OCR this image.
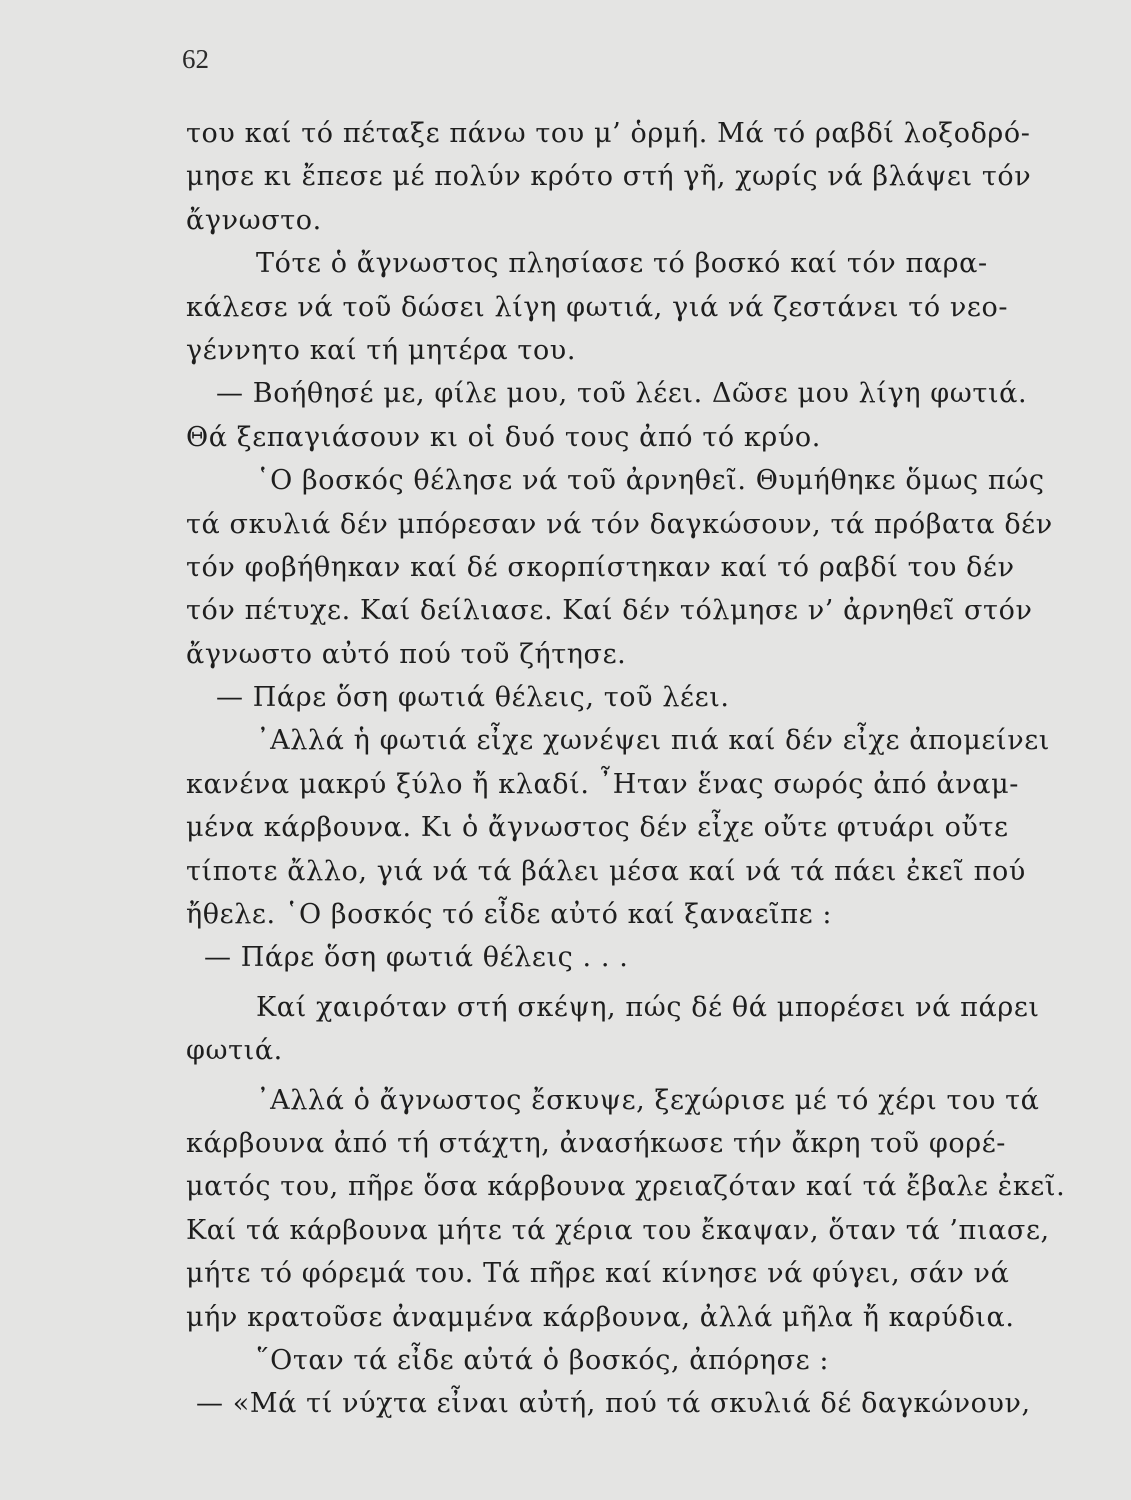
62
του καί τό πέταξε πάνω του μ’ ὁρμή. Μά τό ραβδί λοξοδρό-
μησε κι ἔπεσε μέ πολύν κρότο στή γῆ, χωρίς νά βλάψει τόν
ἄγνωστο.
Τότε ὁ ἄγνωστος πλησίασε τό βοσκό καί τόν παρα-
κάλεσε νά τοῦ δώσει λίγη φωτιά, γιά νά ζεστάνει τό νεο-
γέννητο καί τή μητέρα του.
— Βοήθησέ με, φίλε μου, τοῦ λέει. Δῶσε μου λίγη φωτιά.
Θά ξεπαγιάσουν κι οἱ δυό τους ἀπό τό κρύο.
῾Ο βοσκός θέλησε νά τοῦ ἀρνηθεῖ. Θυμήθηκε ὅμως πώς
τά σκυλιά δέν μπόρεσαν νά τόν δαγκώσουν, τά πρόβατα δέν
τόν φοβήθηκαν καί δέ σκορπίστηκαν καί τό ραβδί του δέν
τόν πέτυχε. Καί δείλιασε. Καί δέν τόλμησε ν’ ἀρνηθεῖ στόν
ἄγνωστο αὐτό πού τοῦ ζήτησε.
— Πάρε ὅση φωτιά θέλεις, τοῦ λέει.
᾿Αλλά ἡ φωτιά εἶχε χωνέψει πιά καί δέν εἶχε ἀπομείνει
κανένα μακρύ ξύλο ἤ κλαδί. ῏Ηταν ἕνας σωρός ἀπό ἀναμ-
μένα κάρβουνα. Κι ὁ ἄγνωστος δέν εἶχε οὔτε φτυάρι οὔτε
τίποτε ἄλλο, γιά νά τά βάλει μέσα καί νά τά πάει ἐκεῖ πού
ἤθελε. ῾Ο βοσκός τό εἶδε αὐτό καί ξαναεῖπε :
— Πάρε ὅση φωτιά θέλεις . . .
Καί χαιρόταν στή σκέψη, πώς δέ θά μπορέσει νά πάρει
φωτιά.
᾿Αλλά ὁ ἄγνωστος ἔσκυψε, ξεχώρισε μέ τό χέρι του τά
κάρβουνα ἀπό τή στάχτη, ἀνασήκωσε τήν ἄκρη τοῦ φορέ-
ματός του, πῆρε ὅσα κάρβουνα χρειαζόταν καί τά ἔβαλε ἐκεῖ.
Καί τά κάρβουνα μήτε τά χέρια του ἔκαψαν, ὅταν τά ’πιασε,
μήτε τό φόρεμά του. Τά πῆρε καί κίνησε νά φύγει, σάν νά
μήν κρατοῦσε ἀναμμένα κάρβουνα, ἀλλά μῆλα ἤ καρύδια.
῞Οταν τά εἶδε αὐτά ὁ βοσκός, ἀπόρησε :
— «Μά τί νύχτα εἶναι αὐτή, πού τά σκυλιά δέ δαγκώνουν,
